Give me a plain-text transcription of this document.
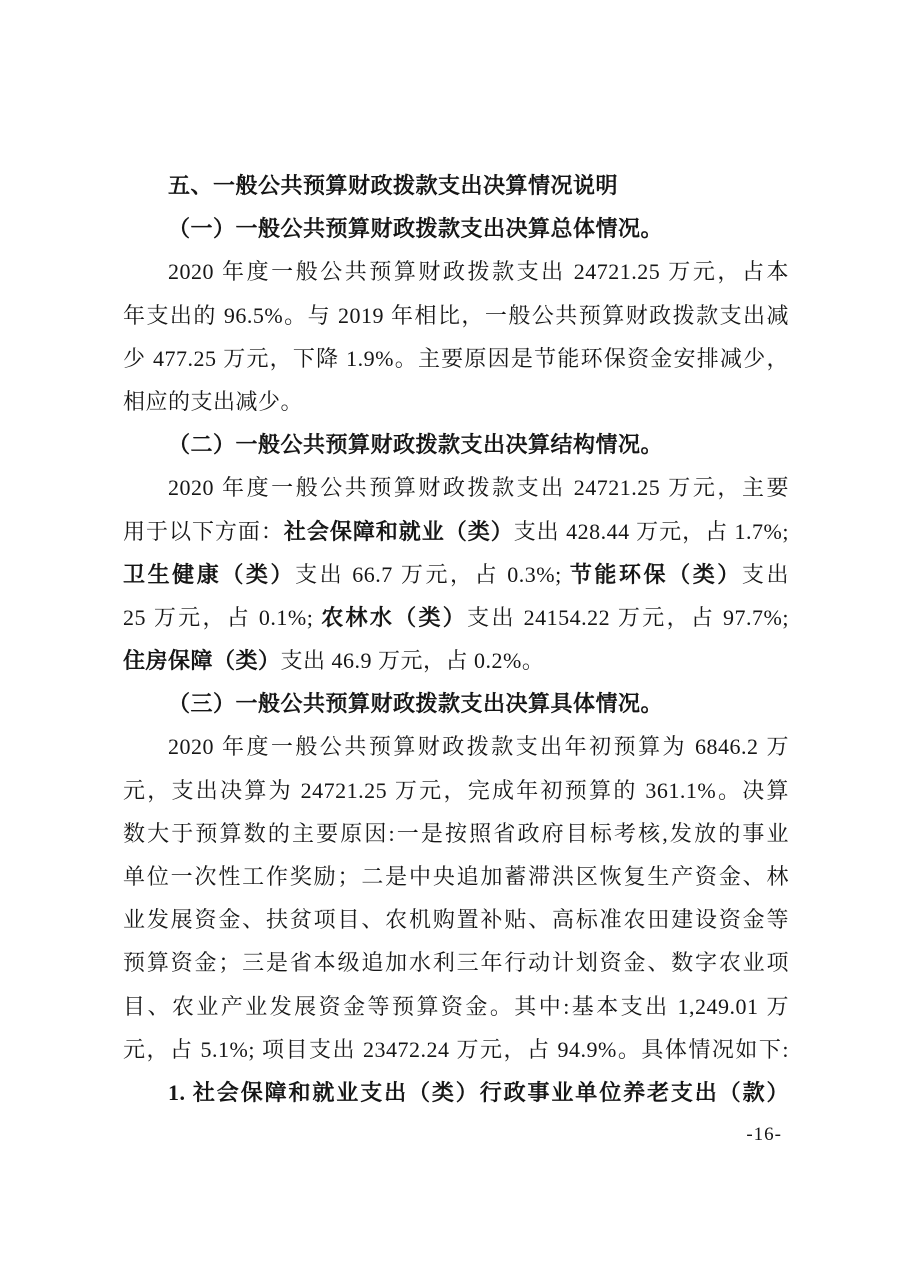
五、一般公共预算财政拨款支出决算情况说明
（一）一般公共预算财政拨款支出决算总体情况。
2020 年度一般公共预算财政拨款支出 24721.25 万元，占本
年支出的 96.5%。与 2019 年相比，一般公共预算财政拨款支出减
少 477.25 万元，下降 1.9%。主要原因是节能环保资金安排减少，
相应的支出减少。
（二）一般公共预算财政拨款支出决算结构情况。
2020 年度一般公共预算财政拨款支出 24721.25 万元，主要
用于以下方面：社会保障和就业（类）支出 428.44 万元，占 1.7%;
卫生健康（类）支出 66.7 万元，占 0.3%; 节能环保（类）支出
25 万元，占 0.1%; 农林水（类）支出 24154.22 万元，占 97.7%;
住房保障（类）支出 46.9 万元，占 0.2%。
（三）一般公共预算财政拨款支出决算具体情况。
2020 年度一般公共预算财政拨款支出年初预算为 6846.2 万
元，支出决算为 24721.25 万元，完成年初预算的 361.1%。决算
数大于预算数的主要原因:一是按照省政府目标考核,发放的事业
单位一次性工作奖励；二是中央追加蓄滞洪区恢复生产资金、林
业发展资金、扶贫项目、农机购置补贴、高标准农田建设资金等
预算资金；三是省本级追加水利三年行动计划资金、数字农业项
目、农业产业发展资金等预算资金。其中:基本支出 1,249.01 万
元，占 5.1%; 项目支出 23472.24 万元，占 94.9%。具体情况如下:
1. 社会保障和就业支出（类）行政事业单位养老支出（款）
-16-
